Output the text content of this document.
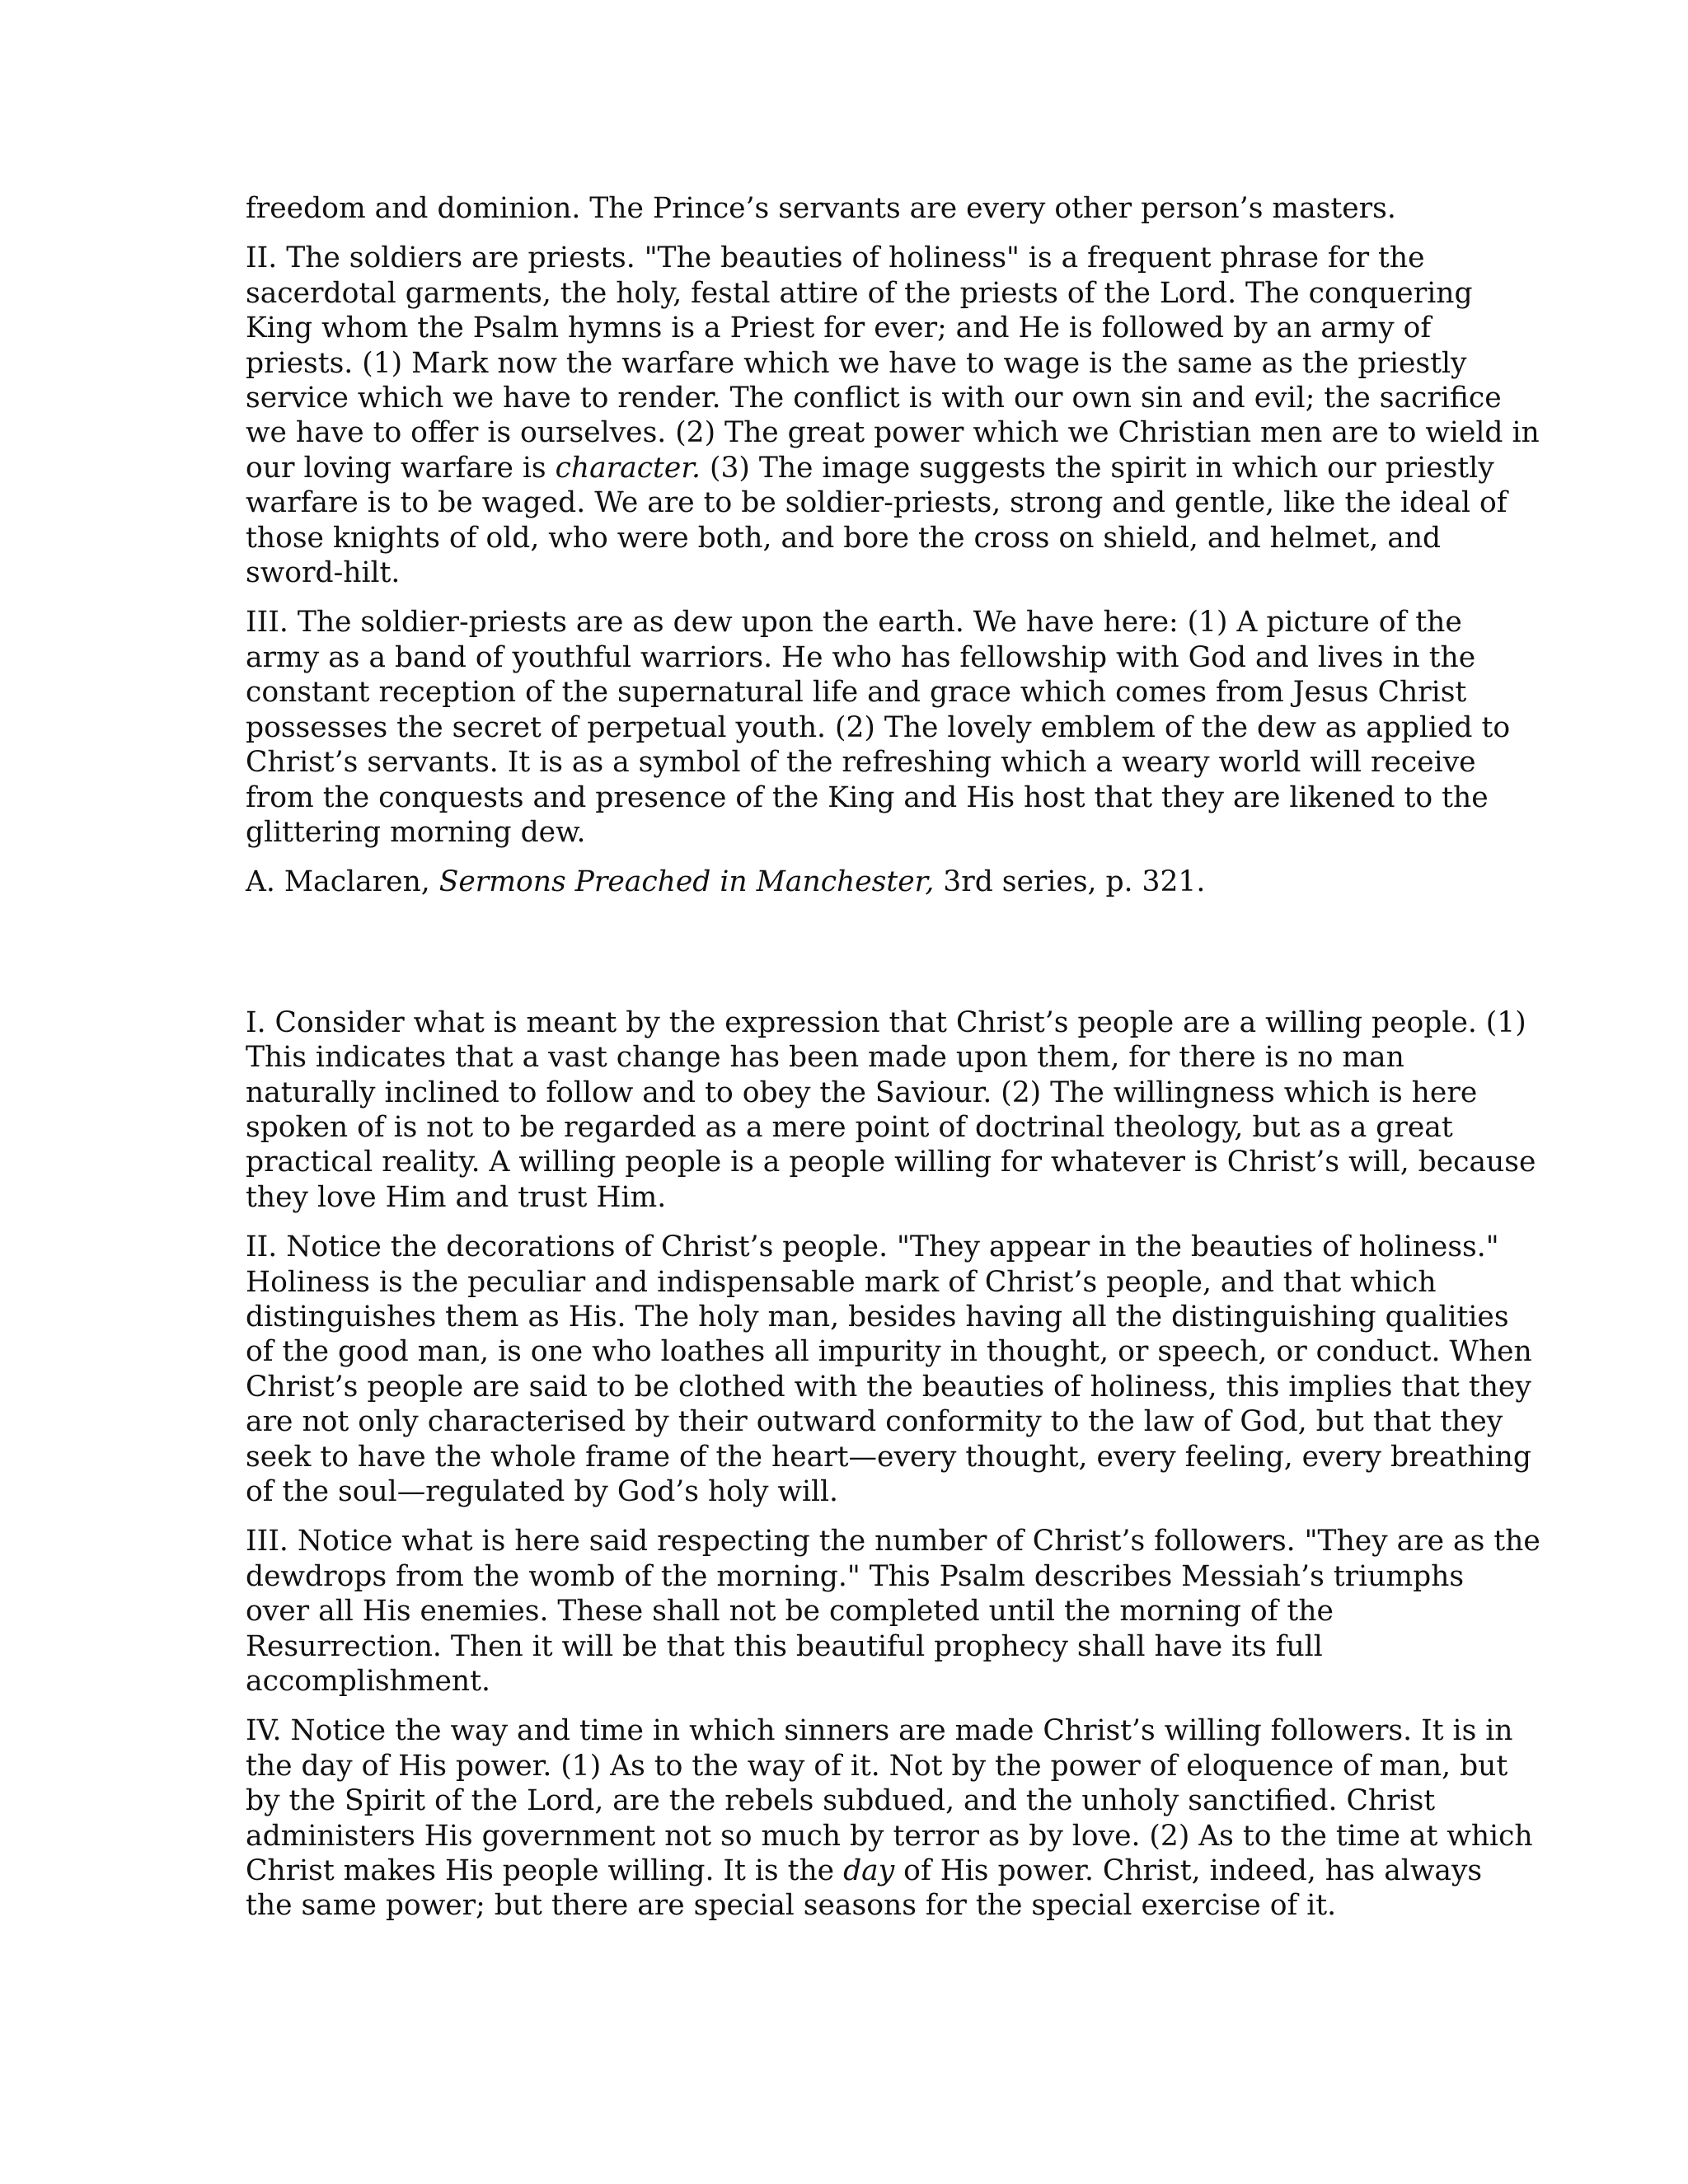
freedom and dominion. The Prince’s servants are every other person’s masters.

II. The soldiers are priests. "The beauties of holiness" is a frequent phrase for the
sacerdotal garments, the holy, festal attire of the priests of the Lord. The conquering
King whom the Psalm hymns is a Priest for ever; and He is followed by an army of
priests. (1) Mark now the warfare which we have to wage is the same as the priestly
service which we have to render. The conflict is with our own sin and evil; the sacrifice
we have to offer is ourselves. (2) The great power which we Christian men are to wield in
our loving warfare is character. (3) The image suggests the spirit in which our priestly
warfare is to be waged. We are to be soldier-priests, strong and gentle, like the ideal of
those knights of old, who were both, and bore the cross on shield, and helmet, and
sword-hilt.

III. The soldier-priests are as dew upon the earth. We have here: (1) A picture of the
army as a band of youthful warriors. He who has fellowship with God and lives in the
constant reception of the supernatural life and grace which comes from Jesus Christ
possesses the secret of perpetual youth. (2) The lovely emblem of the dew as applied to
Christ’s servants. It is as a symbol of the refreshing which a weary world will receive
from the conquests and presence of the King and His host that they are likened to the
glittering morning dew.

A. Maclaren, Sermons Preached in Manchester, 3rd series, p. 321.

I. Consider what is meant by the expression that Christ’s people are a willing people. (1)
This indicates that a vast change has been made upon them, for there is no man
naturally inclined to follow and to obey the Saviour. (2) The willingness which is here
spoken of is not to be regarded as a mere point of doctrinal theology, but as a great
practical reality. A willing people is a people willing for whatever is Christ’s will, because
they love Him and trust Him.

II. Notice the decorations of Christ’s people. "They appear in the beauties of holiness."
Holiness is the peculiar and indispensable mark of Christ’s people, and that which
distinguishes them as His. The holy man, besides having all the distinguishing qualities
of the good man, is one who loathes all impurity in thought, or speech, or conduct. When
Christ’s people are said to be clothed with the beauties of holiness, this implies that they
are not only characterised by their outward conformity to the law of God, but that they
seek to have the whole frame of the heart—every thought, every feeling, every breathing
of the soul—regulated by God’s holy will.

III. Notice what is here said respecting the number of Christ’s followers. "They are as the
dewdrops from the womb of the morning." This Psalm describes Messiah’s triumphs
over all His enemies. These shall not be completed until the morning of the
Resurrection. Then it will be that this beautiful prophecy shall have its full
accomplishment.

IV. Notice the way and time in which sinners are made Christ’s willing followers. It is in
the day of His power. (1) As to the way of it. Not by the power of eloquence of man, but
by the Spirit of the Lord, are the rebels subdued, and the unholy sanctified. Christ
administers His government not so much by terror as by love. (2) As to the time at which
Christ makes His people willing. It is the day of His power. Christ, indeed, has always
the same power; but there are special seasons for the special exercise of it.
